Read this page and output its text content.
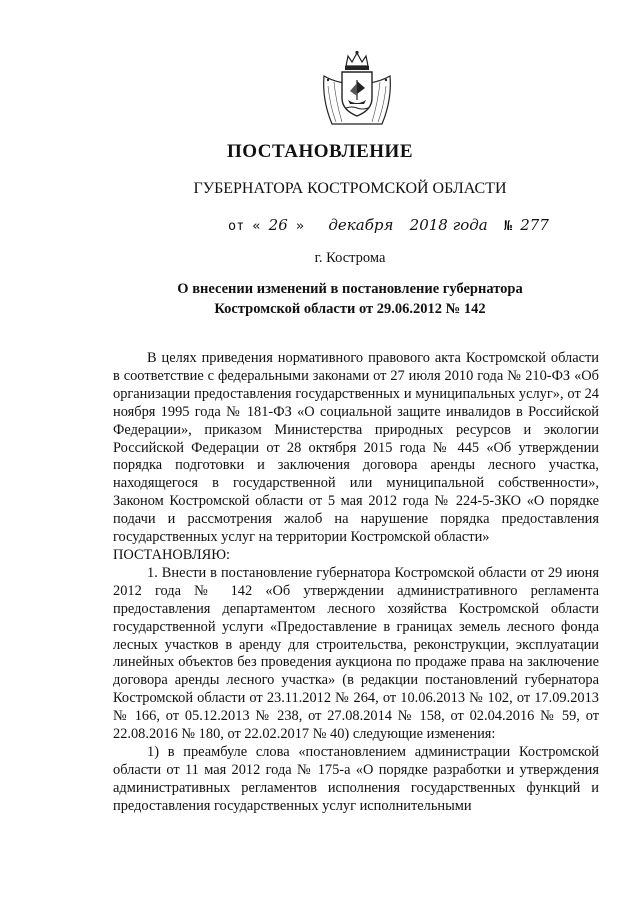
ПОСТАНОВЛЕНИЕ
ГУБЕРНАТОРА КОСТРОМСКОЙ ОБЛАСТИ
от « 26 » декабря 2018 года № 277
г. Кострома
О внесении изменений в постановление губернатора
Костромской области от 29.06.2012 № 142

В целях приведения нормативного правового акта Костромской области в соответствие с федеральными законами от 27 июля 2010 года № 210-ФЗ «Об организации предоставления государственных и муниципальных услуг», от 24 ноября 1995 года № 181-ФЗ «О социальной защите инвалидов в Российской Федерации», приказом Министерства природных ресурсов и экологии Российской Федерации от 28 октября 2015 года № 445 «Об утверждении порядка подготовки и заключения договора аренды лесного участка, находящегося в государственной или муниципальной собственности», Законом Костромской области от 5 мая 2012 года № 224-5-ЗКО «О порядке подачи и рассмотрения жалоб на нарушение порядка предоставления государственных услуг на территории Костромской области»

ПОСТАНОВЛЯЮ:

1. Внести в постановление губернатора Костромской области от 29 июня 2012 года № 142 «Об утверждении административного регламента предоставления департаментом лесного хозяйства Костромской области государственной услуги «Предоставление в границах земель лесного фонда лесных участков в аренду для строительства, реконструкции, эксплуатации линейных объектов без проведения аукциона по продаже права на заключение договора аренды лесного участка» (в редакции постановлений губернатора Костромской области от 23.11.2012 № 264, от 10.06.2013 № 102, от 17.09.2013 № 166, от 05.12.2013 № 238, от 27.08.2014 № 158, от 02.04.2016 № 59, от 22.08.2016 № 180, от 22.02.2017 № 40) следующие изменения:

1) в преамбуле слова «постановлением администрации Костромской области от 11 мая 2012 года № 175-а «О порядке разработки и утверждения административных регламентов исполнения государственных функций и предоставления государственных услуг исполнительными
